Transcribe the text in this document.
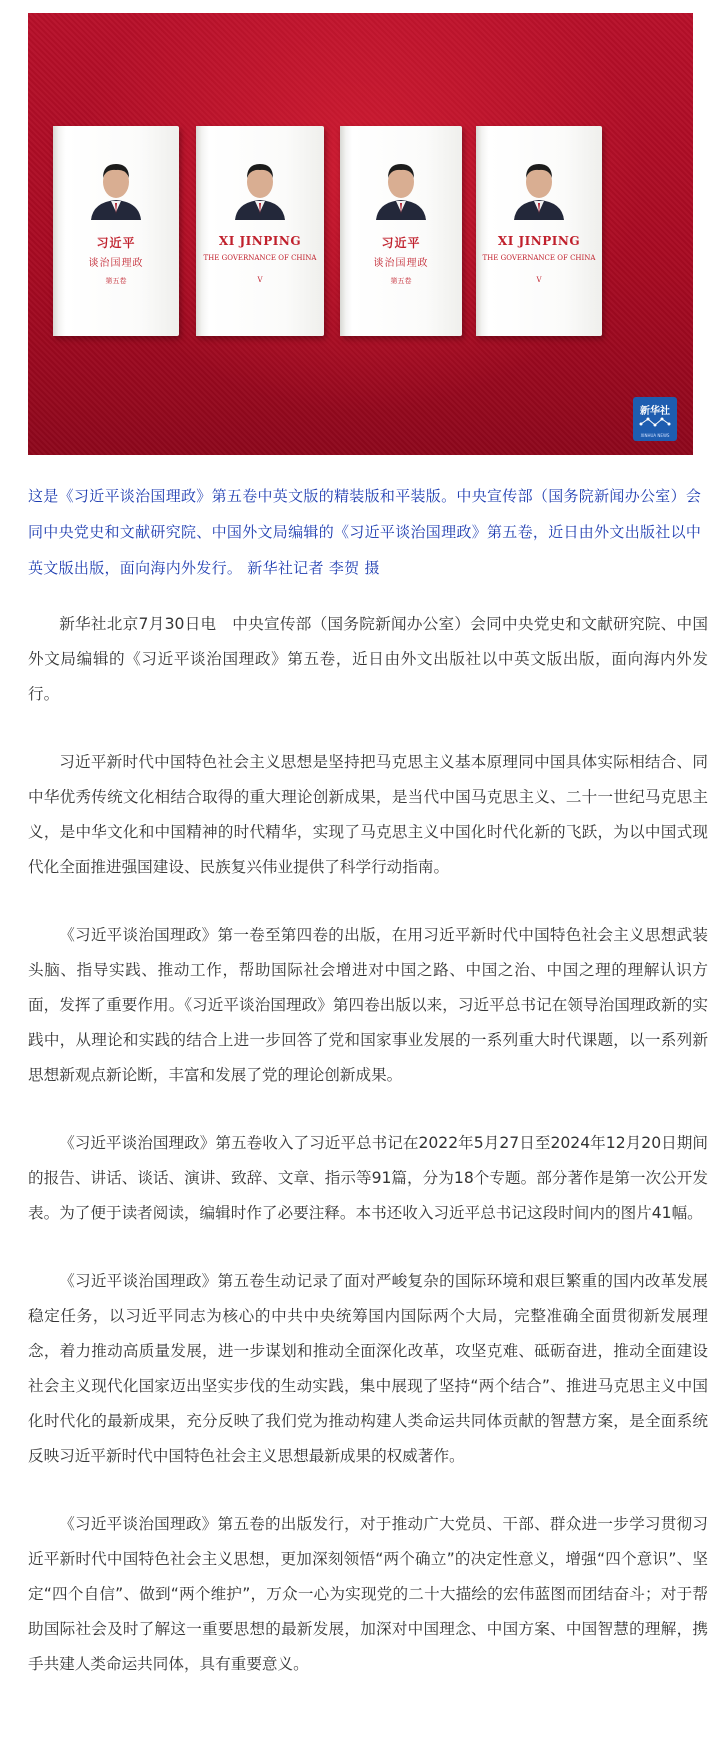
习近平
谈治国理政
第五卷
XI JINPING
THE GOVERNANCE OF CHINA
V
习近平
谈治国理政
第五卷
XI JINPING
THE GOVERNANCE OF CHINA
V
新华社
XINHUA NEWS
这是《习近平谈治国理政》第五卷中英文版的精装版和平装版。中央宣传部（国务院新闻办公室）会同中央党史和文献研究院、中国外文局编辑的《习近平谈治国理政》第五卷，近日由外文出版社以中英文版出版，面向海内外发行。 新华社记者 李贺 摄

新华社北京7月30日电　中央宣传部（国务院新闻办公室）会同中央党史和文献研究院、中国外文局编辑的《习近平谈治国理政》第五卷，近日由外文出版社以中英文版出版，面向海内外发行。

习近平新时代中国特色社会主义思想是坚持把马克思主义基本原理同中国具体实际相结合、同中华优秀传统文化相结合取得的重大理论创新成果，是当代中国马克思主义、二十一世纪马克思主义，是中华文化和中国精神的时代精华，实现了马克思主义中国化时代化新的飞跃，为以中国式现代化全面推进强国建设、民族复兴伟业提供了科学行动指南。

《习近平谈治国理政》第一卷至第四卷的出版，在用习近平新时代中国特色社会主义思想武装头脑、指导实践、推动工作，帮助国际社会增进对中国之路、中国之治、中国之理的理解认识方面，发挥了重要作用。《习近平谈治国理政》第四卷出版以来，习近平总书记在领导治国理政新的实践中，从理论和实践的结合上进一步回答了党和国家事业发展的一系列重大时代课题，以一系列新思想新观点新论断，丰富和发展了党的理论创新成果。

《习近平谈治国理政》第五卷收入了习近平总书记在2022年5月27日至2024年12月20日期间的报告、讲话、谈话、演讲、致辞、文章、指示等91篇，分为18个专题。部分著作是第一次公开发表。为了便于读者阅读，编辑时作了必要注释。本书还收入习近平总书记这段时间内的图片41幅。

《习近平谈治国理政》第五卷生动记录了面对严峻复杂的国际环境和艰巨繁重的国内改革发展稳定任务，以习近平同志为核心的中共中央统筹国内国际两个大局，完整准确全面贯彻新发展理念，着力推动高质量发展，进一步谋划和推动全面深化改革，攻坚克难、砥砺奋进，推动全面建设社会主义现代化国家迈出坚实步伐的生动实践，集中展现了坚持“两个结合”、推进马克思主义中国化时代化的最新成果，充分反映了我们党为推动构建人类命运共同体贡献的智慧方案，是全面系统反映习近平新时代中国特色社会主义思想最新成果的权威著作。

《习近平谈治国理政》第五卷的出版发行，对于推动广大党员、干部、群众进一步学习贯彻习近平新时代中国特色社会主义思想，更加深刻领悟“两个确立”的决定性意义，增强“四个意识”、坚定“四个自信”、做到“两个维护”，万众一心为实现党的二十大描绘的宏伟蓝图而团结奋斗；对于帮助国际社会及时了解这一重要思想的最新发展，加深对中国理念、中国方案、中国智慧的理解，携手共建人类命运共同体，具有重要意义。
